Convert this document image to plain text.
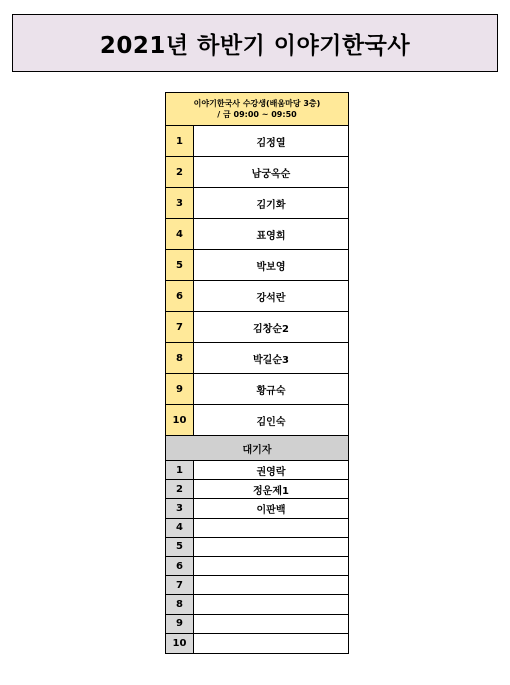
2021년 하반기 이야기한국사
이야기한국사 수강생(배움마당 3층)
/ 금 09:00 ~ 09:50
1	김정열
2	남궁옥순
3	김기화
4	표영희
5	박보영
6	강석란
7	김창순2
8	박길순3
9	황규숙
10	김인숙
대기자
1	권영락
2	정운제1
3	이판백
4
5
6
7
8
9
10
